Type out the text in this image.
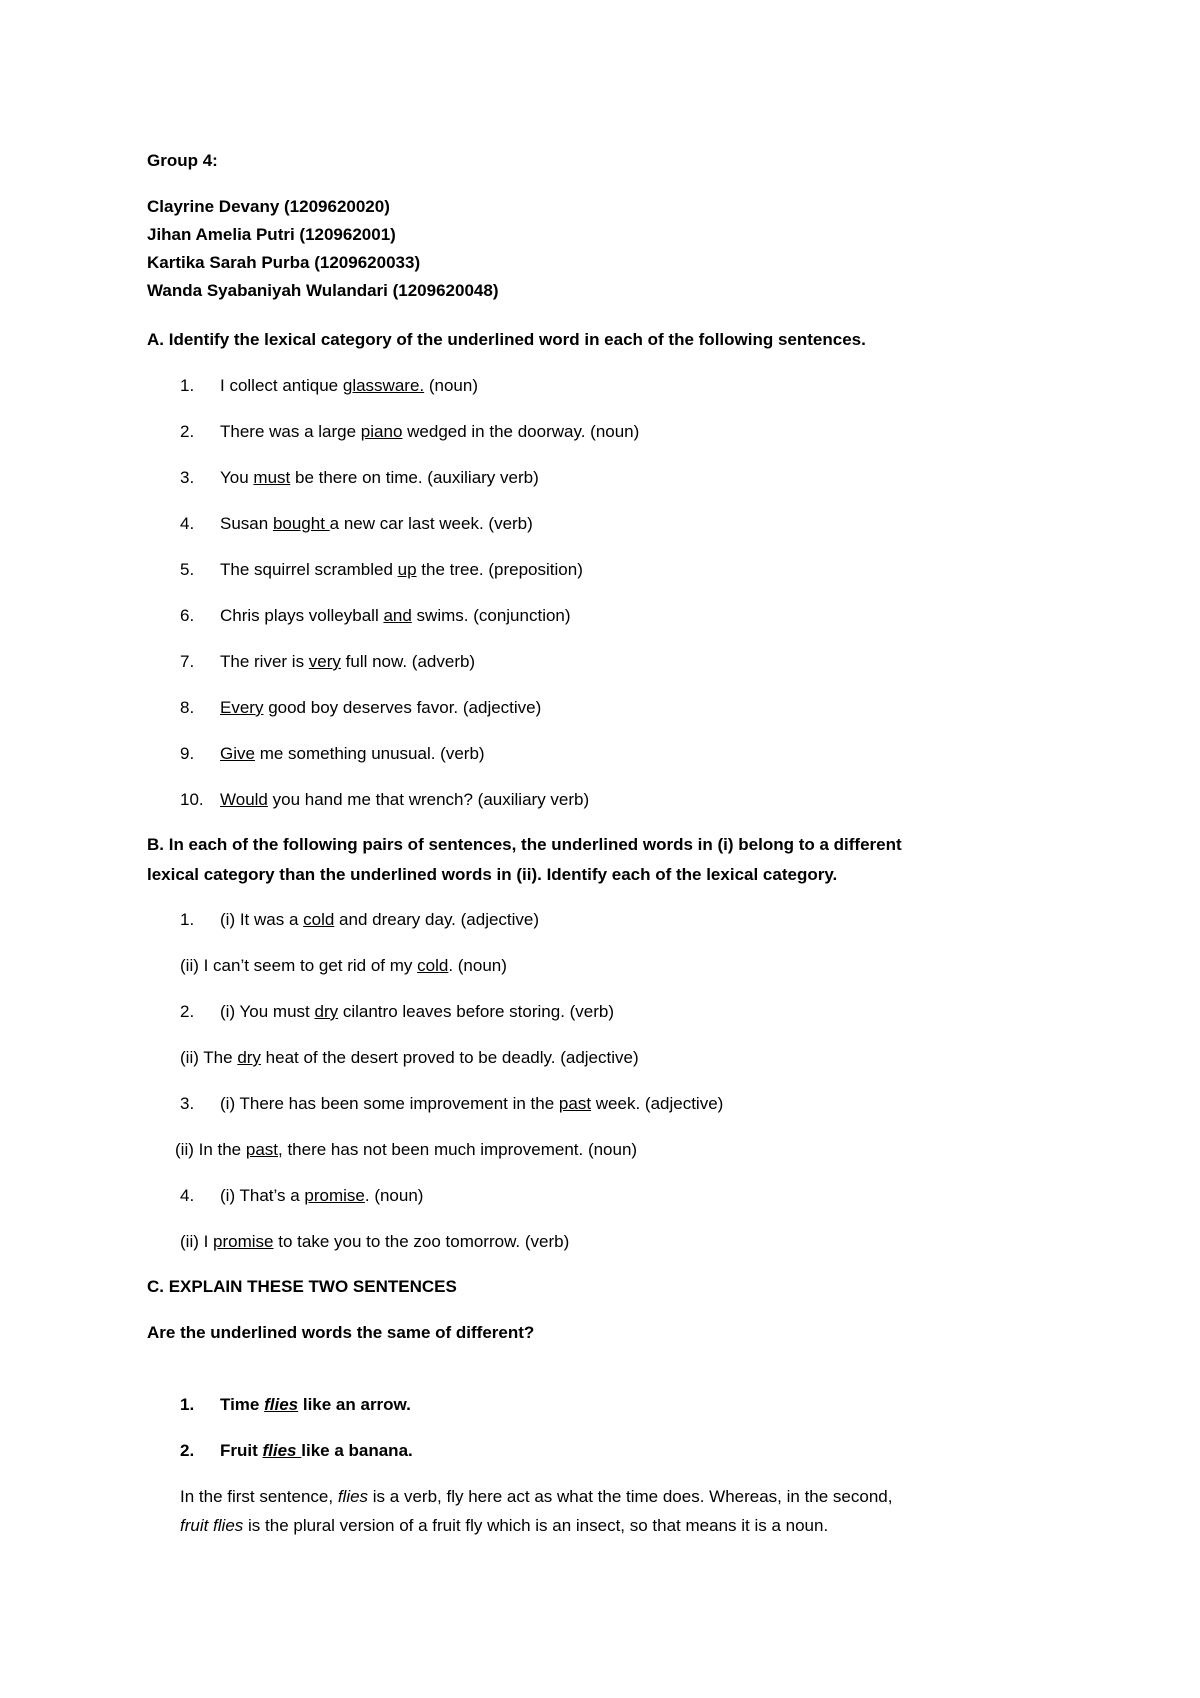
Group 4:
Clayrine Devany (1209620020)
Jihan Amelia Putri (120962001)
Kartika Sarah Purba (1209620033)
Wanda Syabaniyah Wulandari (1209620048)
A. Identify the lexical category of the underlined word in each of the following sentences.
1. I collect antique glassware. (noun)
2. There was a large piano wedged in the doorway. (noun)
3. You must be there on time. (auxiliary verb)
4. Susan bought a new car last week. (verb)
5. The squirrel scrambled up the tree. (preposition)
6. Chris plays volleyball and swims. (conjunction)
7. The river is very full now. (adverb)
8. Every good boy deserves favor. (adjective)
9. Give me something unusual. (verb)
10. Would you hand me that wrench? (auxiliary verb)
B. In each of the following pairs of sentences, the underlined words in (i) belong to a different
lexical category than the underlined words in (ii). Identify each of the lexical category.
1. (i) It was a cold and dreary day. (adjective)
(ii) I can’t seem to get rid of my cold. (noun)
2. (i) You must dry cilantro leaves before storing. (verb)
(ii) The dry heat of the desert proved to be deadly. (adjective)
3. (i) There has been some improvement in the past week. (adjective)
(ii) In the past, there has not been much improvement. (noun)
4. (i) That’s a promise. (noun)
(ii) I promise to take you to the zoo tomorrow. (verb)
C. EXPLAIN THESE TWO SENTENCES
Are the underlined words the same of different?
1. Time flies like an arrow.
2. Fruit flies like a banana.
In the first sentence, flies is a verb, fly here act as what the time does. Whereas, in the second,
fruit flies is the plural version of a fruit fly which is an insect, so that means it is a noun.
